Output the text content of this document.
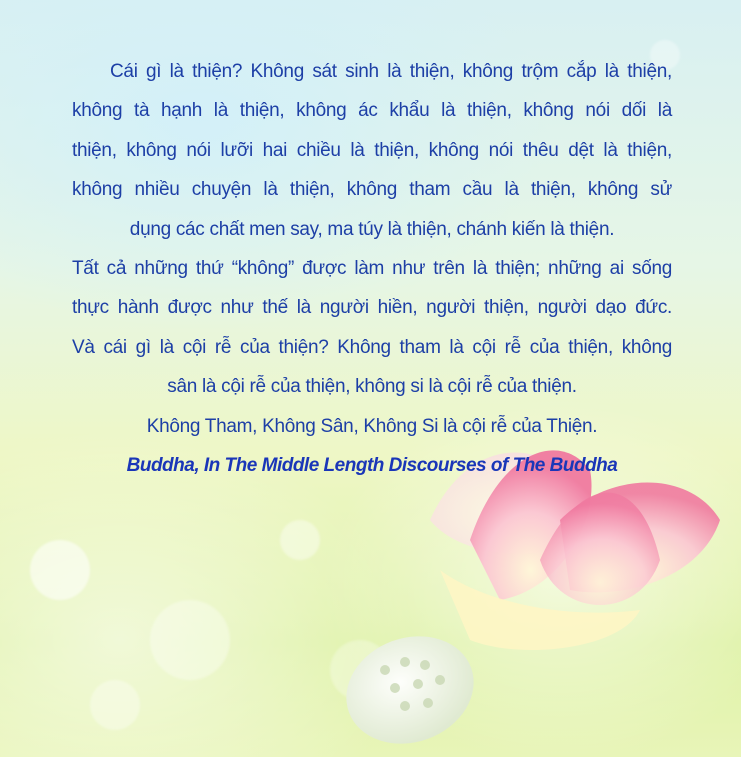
Cái gì là thiện? Không sát sinh là thiện, không trộm cắp là thiện,
không tà hạnh là thiện, không ác khẩu là thiện, không nói dối là
thiện, không nói lưỡi hai chiều là thiện, không nói thêu dệt là thiện,
không nhiều chuyện là thiện, không tham cầu là thiện, không sử
dụng các chất men say, ma túy là thiện, chánh kiến là thiện.
Tất cả những thứ “không” được làm như trên là thiện; những ai sống
thực hành được như thế là người hiền, người thiện, người dạo đức.
Và cái gì là cội rễ của thiện? Không tham là cội rễ của thiện, không
sân là cội rễ của thiện, không si là cội rễ của thiện.
Không Tham, Không Sân, Không Si là cội rễ của Thiện.
Buddha, In The Middle Length Discourses of The Buddha
